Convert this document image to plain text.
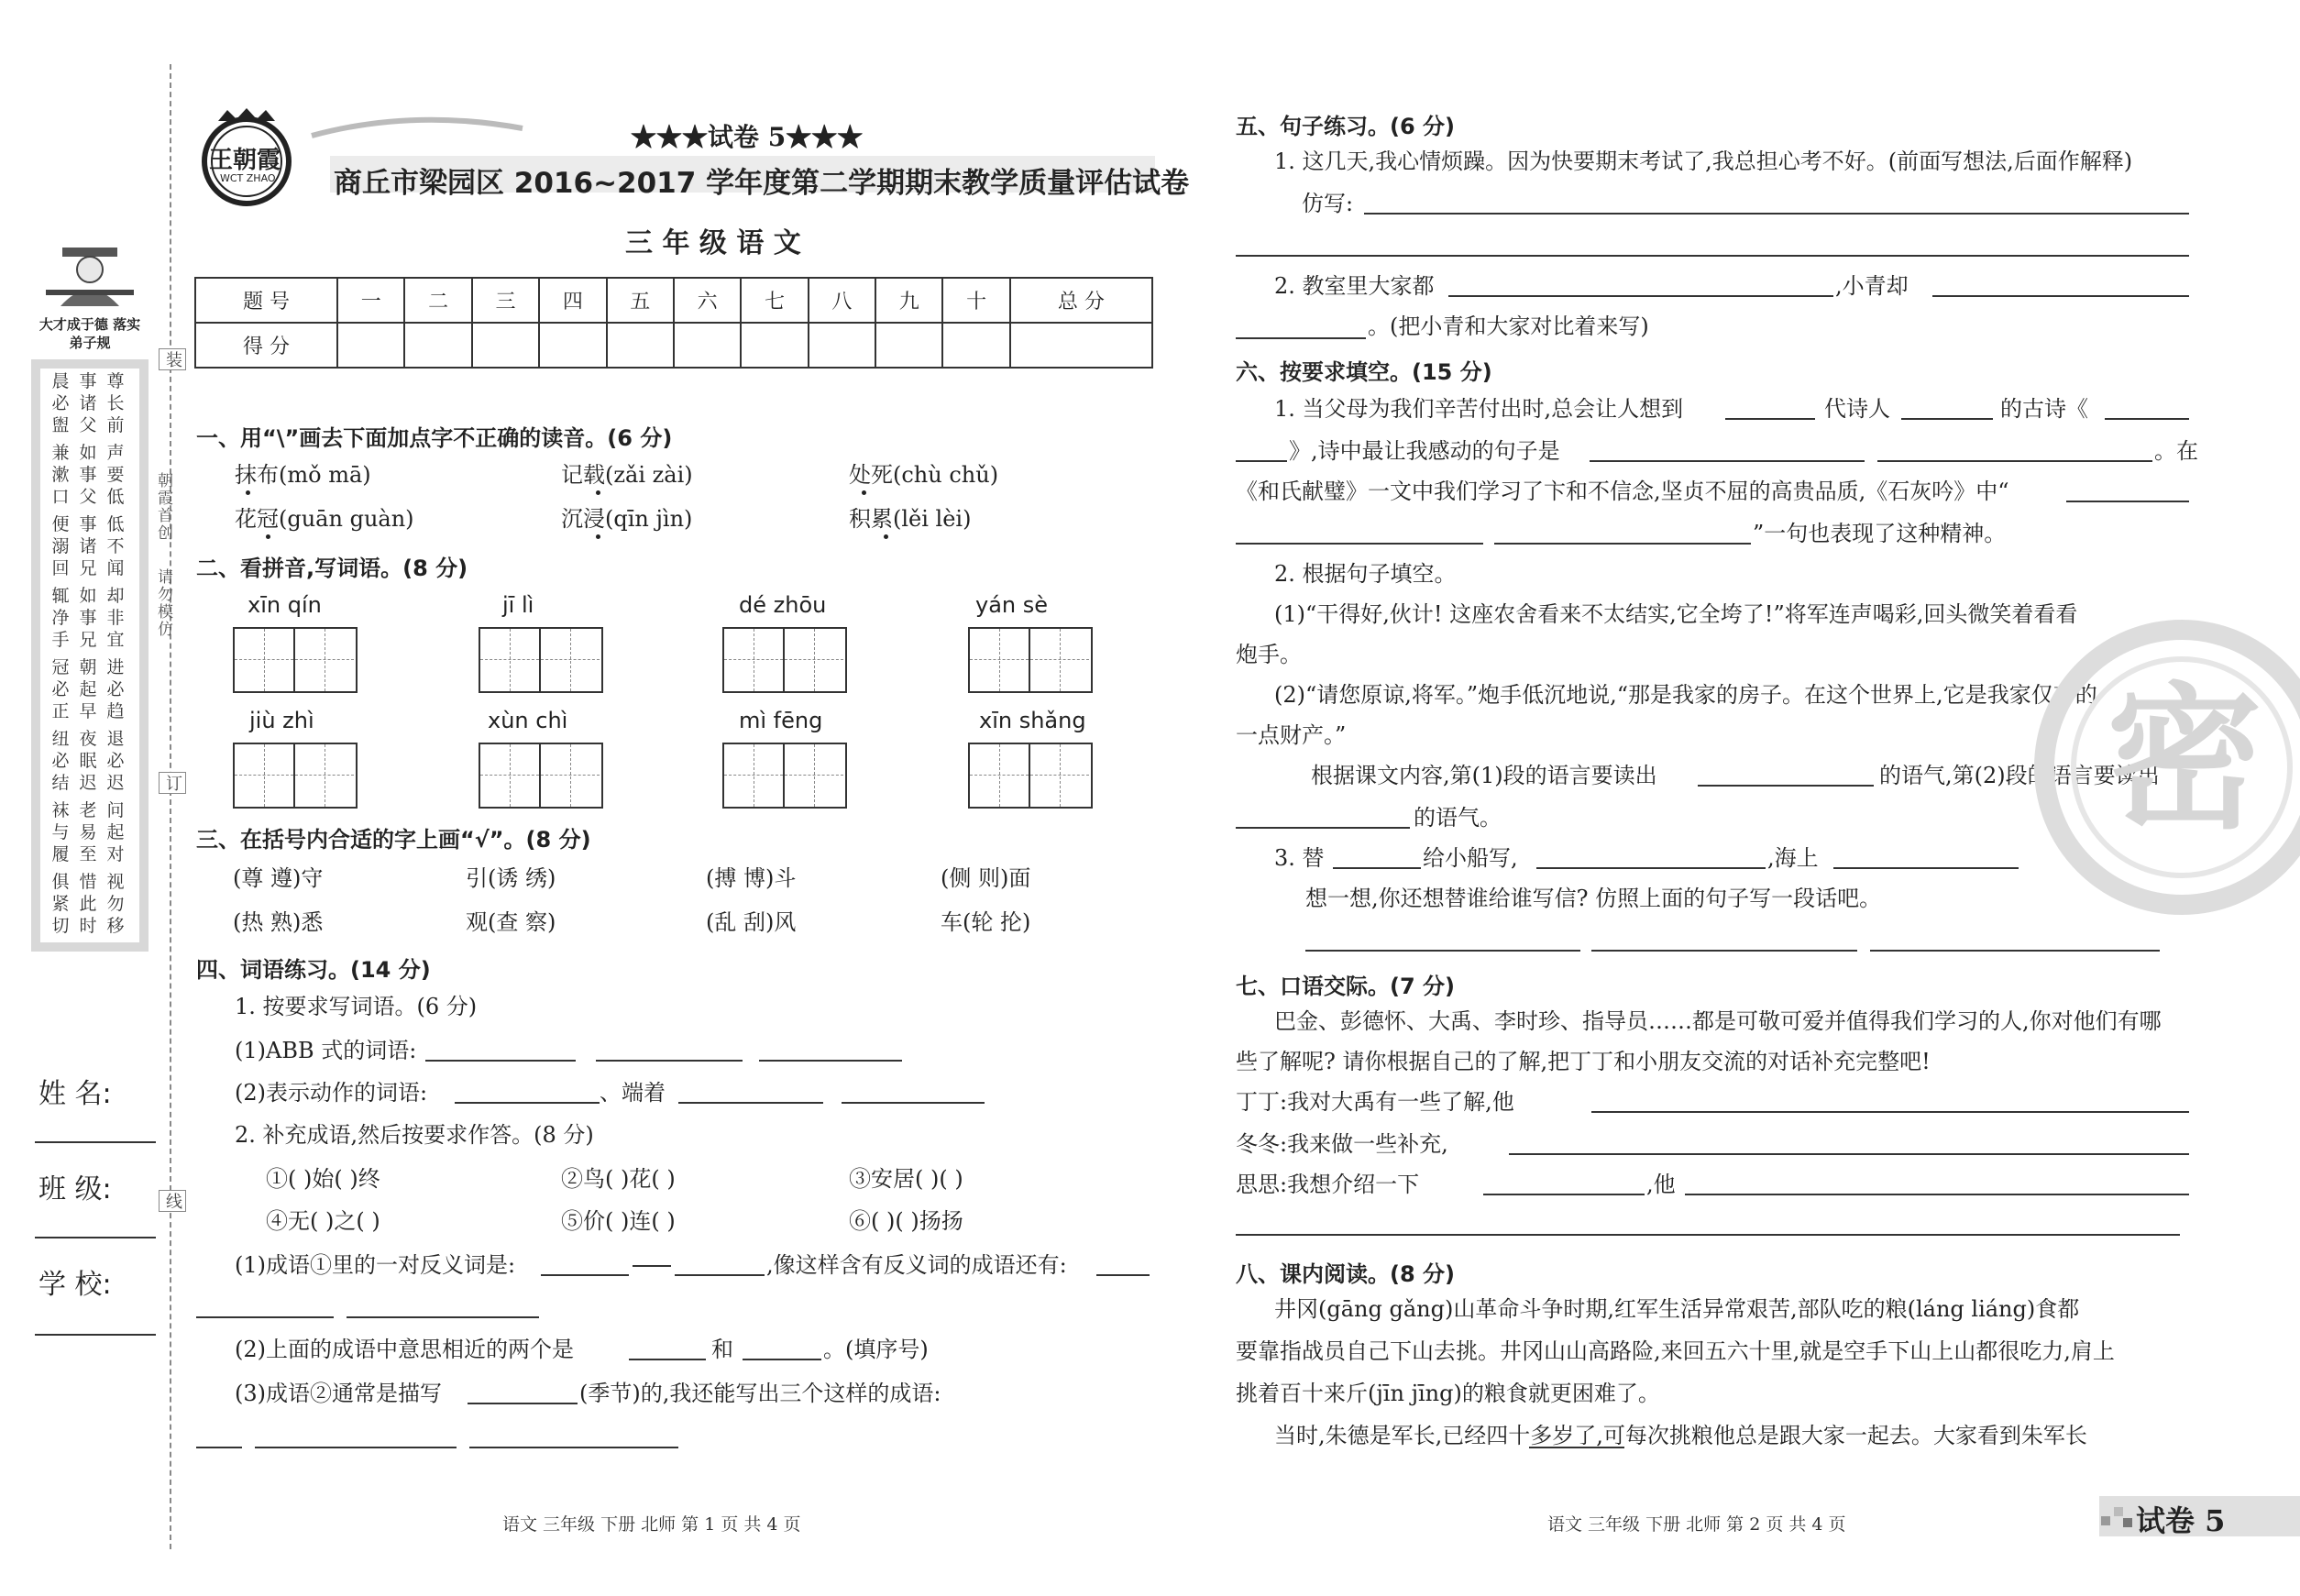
大才成于德 落实弟子规
晨必盥
事诸父
尊长前
兼漱口
如事父
声要低
便溺回
事诸兄
低不闻
辄净手
如事兄
却非宜
冠必正
朝起早
进必趋
纽必结
夜眠迟
退必迟
袜与履
老易至
问起对
俱紧切
惜此时
视勿移
姓 名:
班 级:
学 校:
装
订
线
朝霞首创
请勿模仿
王朝霞
WCT ZHAO
★★★试卷 5★★★
商丘市梁园区 2016~2017 学年度第二学期期末教学质量评估试卷
三 年 级 语 文
题 号	一	二	三	四	五	六	七	八	九	十	总 分
得 分											
一、用“\”画去下面加点字不正确的读音。(6 分)
抹布(mǒ mā)	记载(zǎi zài)	处死(chù chǔ)
花冠(guān guàn)	沉浸(qīn jìn)	积累(lěi lèi)
二、看拼音,写词语。(8 分)
xīn qín	jī lì	dé zhōu	yán sè
jiù zhì	xùn chì	mì fēng	xīn shǎng
三、在括号内合适的字上画“√”。(8 分)
(尊 遵)守	引(诱 绣)	(搏 博)斗	(侧 则)面
(热 熟)悉	观(查 察)	(乱 刮)风	车(轮 抡)
四、词语练习。(14 分)
1. 按要求写词语。(6 分)
(1)ABB 式的词语:
(2)表示动作的词语:	、端着
2. 补充成语,然后按要求作答。(8 分)
①( )始( )终	②鸟( )花( )	③安居( )( )
④无( )之( )	⑤价( )连( )	⑥( )( )扬扬
(1)成语①里的一对反义词是:	,像这样含有反义词的成语还有:
(2)上面的成语中意思相近的两个是	和	。(填序号)
(3)成语②通常是描写	(季节)的,我还能写出三个这样的成语:
语文 三年级 下册 北师 第 1 页 共 4 页
五、句子练习。(6 分)
1. 这几天,我心情烦躁。因为快要期末考试了,我总担心考不好。(前面写想法,后面作解释)
仿写:
2. 教室里大家都	,小青却
。(把小青和大家对比着来写)
六、按要求填空。(15 分)
1. 当父母为我们辛苦付出时,总会让人想到	代诗人	的古诗《
》,诗中最让我感动的句子是	。在
《和氏献璧》一文中我们学习了卞和不信念,坚贞不屈的高贵品质,《石灰吟》中“
”一句也表现了这种精神。
2. 根据句子填空。
(1)“干得好,伙计! 这座农舍看来不太结实,它全垮了!”将军连声喝彩,回头微笑着看看
炮手。
(2)“请您原谅,将军。”炮手低沉地说,“那是我家的房子。在这个世界上,它是我家仅有的
一点财产。”
根据课文内容,第(1)段的语言要读出	的语气,第(2)段的语言要读出
的语气。
3. 替	给小船写,	,海上
想一想,你还想替谁给谁写信? 仿照上面的句子写一段话吧。
七、口语交际。(7 分)
巴金、彭德怀、大禹、李时珍、指导员……都是可敬可爱并值得我们学习的人,你对他们有哪
些了解呢? 请你根据自己的了解,把丁丁和小朋友交流的对话补充完整吧!
丁丁:我对大禹有一些了解,他
冬冬:我来做一些补充,
思思:我想介绍一下	,他
八、课内阅读。(8 分)
井冈(gāng gǎng)山革命斗争时期,红军生活异常艰苦,部队吃的粮(láng liáng)食都
要靠指战员自己下山去挑。井冈山山高路险,来回五六十里,就是空手下山上山都很吃力,肩上
挑着百十来斤(jīn jīng)的粮食就更困难了。
当时,朱德是军长,已经四十多岁了,可每次挑粮他总是跟大家一起去。大家看到朱军长
语文 三年级 下册 北师 第 2 页 共 4 页	试卷 5
密
